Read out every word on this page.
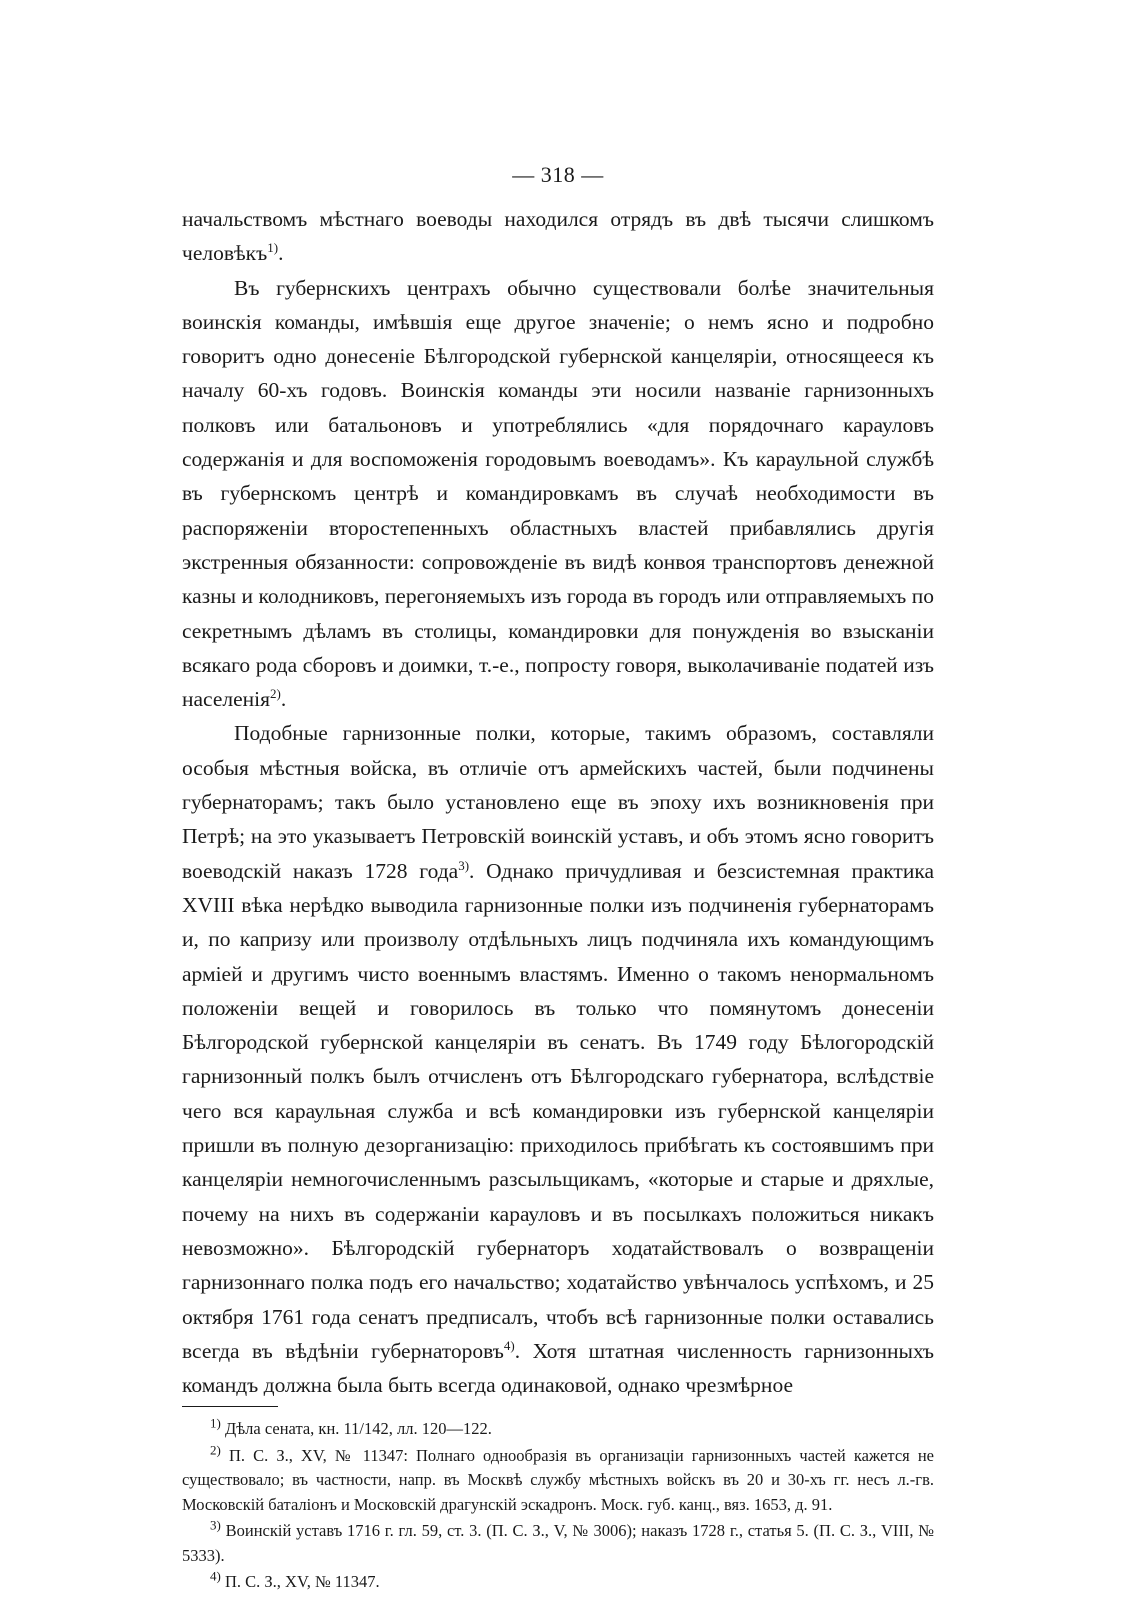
— 318 —

начальствомъ мѣстнаго воеводы находился отрядъ въ двѣ тысячи слишкомъ человѣкъ$^{1)}$.

Въ губернскихъ центрахъ обычно существовали болѣе значительныя воинскія команды, имѣвшія еще другое значеніе; о немъ ясно и подробно говоритъ одно донесеніе Бѣлгородской губернской канцеляріи, относящееся къ началу 60-хъ годовъ. Воинскія команды эти носили названіе гарнизонныхъ полковъ или батальоновъ и употреблялись «для порядочнаго карауловъ содержанія и для воспоможенія городовымъ воеводамъ». Къ караульной службѣ въ губернскомъ центрѣ и командировкамъ въ случаѣ необходимости въ распоряженіи второстепенныхъ областныхъ властей прибавлялись другія экстренныя обязанности: сопровожденіе въ видѣ конвоя транспортовъ денежной казны и колодниковъ, перегоняемыхъ изъ города въ городъ или отправляемыхъ по секретнымъ дѣламъ въ столицы, командировки для понужденія во взысканіи всякаго рода сборовъ и доимки, т.-е., попросту говоря, выколачиваніе податей изъ населенія$^{2)}$.

Подобные гарнизонные полки, которые, такимъ образомъ, составляли особыя мѣстныя войска, въ отличіе отъ армейскихъ частей, были подчинены губернаторамъ; такъ было установлено еще въ эпоху ихъ возникновенія при Петрѣ; на это указываетъ Петровскій воинскій уставъ, и объ этомъ ясно говоритъ воеводскій наказъ 1728 года$^{3)}$. Однако причудливая и безсистемная практика XVIII вѣка нерѣдко выводила гарнизонные полки изъ подчиненія губернаторамъ и, по капризу или произволу отдѣльныхъ лицъ подчиняла ихъ командующимъ арміей и другимъ чисто военнымъ властямъ. Именно о такомъ ненормальномъ положеніи вещей и говорилось въ только что помянутомъ донесеніи Бѣлгородской губернской канцеляріи въ сенатъ. Въ 1749 году Бѣлогородскій гарнизонный полкъ былъ отчисленъ отъ Бѣлгородскаго губернатора, вслѣдствіе чего вся караульная служба и всѣ командировки изъ губернской канцеляріи пришли въ полную дезорганизацію: приходилось прибѣгать къ состоявшимъ при канцеляріи немногочисленнымъ разсыльщикамъ, «которые и старые и дряхлые, почему на нихъ въ содержаніи карауловъ и въ посылкахъ положиться никакъ невозможно». Бѣлгородскій губернаторъ ходатайствовалъ о возвращеніи гарнизоннаго полка подъ его начальство; ходатайство увѣнчалось успѣхомъ, и 25 октября 1761 года сенатъ предписалъ, чтобъ всѣ гарнизонные полки оставались всегда въ вѣдѣніи губернаторовъ$^{4)}$. Хотя штатная численность гарнизонныхъ командъ должна была быть всегда одинаковой, однако чрезмѣрное

$^{1)}$ Дѣла сената, кн. 11/142, лл. 120—122.

$^{2)}$ П. С. З., XV, № 11347: Полнаго однообразія въ организаціи гарнизонныхъ частей кажется не существовало; въ частности, напр. въ Москвѣ службу мѣстныхъ войскъ въ 20 и 30-хъ гг. несъ л.-гв. Московскій баталіонъ и Московскій драгунскій эскадронъ. Моск. губ. канц., вяз. 1653, д. 91.

$^{3)}$ Воинскій уставъ 1716 г. гл. 59, ст. 3. (П. С. З., V, № 3006); наказъ 1728 г., статья 5. (П. С. З., VIII, № 5333).

$^{4)}$ П. С. З., XV, № 11347.
